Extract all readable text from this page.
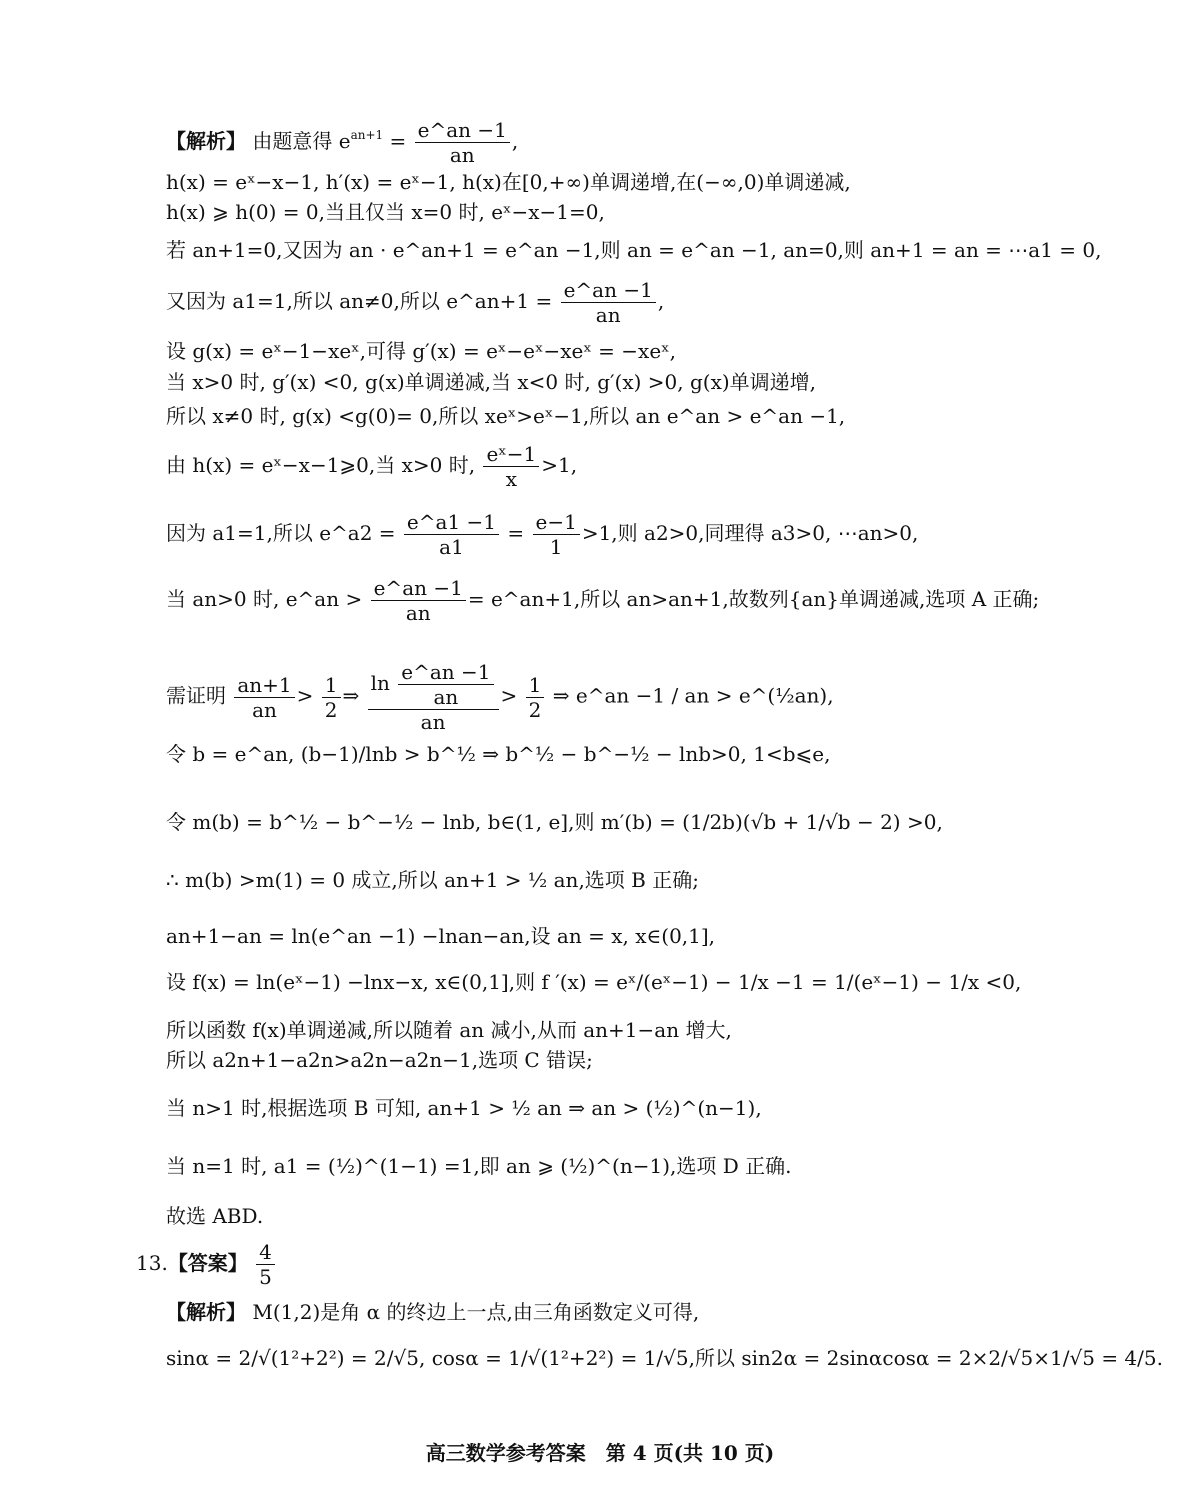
【解析】 由题意得 $e^{an+1} = \frac{e\^{}an -1}{an}$ ,
h(x) = eˣ−x−1, h′(x) = eˣ−1, h(x)在[0,+∞)单调递增,在(−∞,0)单调递减,
h(x) ⩾ h(0) = 0,当且仅当 x=0 时, eˣ−x−1=0,
若 an+1=0,又因为 an · e^an+1 = e^an −1,则 an = e^an −1, an=0,则 an+1 = an = ⋯a1 = 0,
又因为 a1=1,所以 an≠0,所以 e^an+1 = $\frac{e\^{}an -1}{an}$ ,
设 g(x) = eˣ−1−xeˣ,可得 g′(x) = eˣ−eˣ−xeˣ = −xeˣ,
当 x>0 时, g′(x) <0, g(x)单调递减,当 x<0 时, g′(x) >0, g(x)单调递增,
所以 x≠0 时, g(x) <g(0)= 0,所以 xeˣ>eˣ−1,所以 an e^an > e^an −1,
由 h(x) = eˣ−x−1⩾0,当 x>0 时, $\frac{\text{eˣ−1}}{x} >1$,
因为 a1=1,所以 e^a2 = $\frac{e\^{}a1 -1}{a1} = \frac{e-1}{1} >1$,则 a2>0,同理得 a3>0, ⋯an>0,
当 an>0 时, e^an > $\frac{e\^{}an -1}{an}$ = e^an+1,所以 an>an+1,故数列{an}单调递减,选项 A 正确;
需证明 $\frac{an+1}{an} > \frac{1}{2}$ ⇒ $\frac{\ln \frac{e\^{}an -1}{an}}{an} > \frac{1}{2}$ ⇒ e^an −1 / an > e^(½an),
令 b = e^an, (b−1)/lnb > b^½ ⇒ b^½ − b^−½ − lnb>0, 1<b⩽e,
令 m(b) = b^½ − b^−½ − lnb, b∈(1, e],则 m′(b) = (1/2b)(√b + 1/√b − 2) >0,
∴ m(b) >m(1) = 0 成立,所以 an+1 > ½ an,选项 B 正确;
an+1−an = ln(e^an −1) −lnan−an,设 an = x, x∈(0,1],
设 f(x) = ln(eˣ−1) −lnx−x, x∈(0,1],则 f ′(x) = eˣ/(eˣ−1) − 1/x −1 = 1/(eˣ−1) − 1/x <0,
所以函数 f(x)单调递减,所以随着 an 减小,从而 an+1−an 增大,
所以 a2n+1−a2n>a2n−a2n−1,选项 C 错误;
当 n>1 时,根据选项 B 可知, an+1 > ½ an ⇒ an > (½)^(n−1),
当 n=1 时, a1 = (½)^(1−1) =1,即 an ⩾ (½)^(n−1),选项 D 正确.
故选 ABD.
13.【答案】 $\frac{4}{5}$
【解析】 M(1,2)是角 α 的终边上一点,由三角函数定义可得,
sinα = 2/√(1²+2²) = 2/√5, cosα = 1/√(1²+2²) = 1/√5,所以 sin2α = 2sinαcosα = 2×2/√5×1/√5 = 4/5.
高三数学参考答案　第 4 页(共 10 页)
